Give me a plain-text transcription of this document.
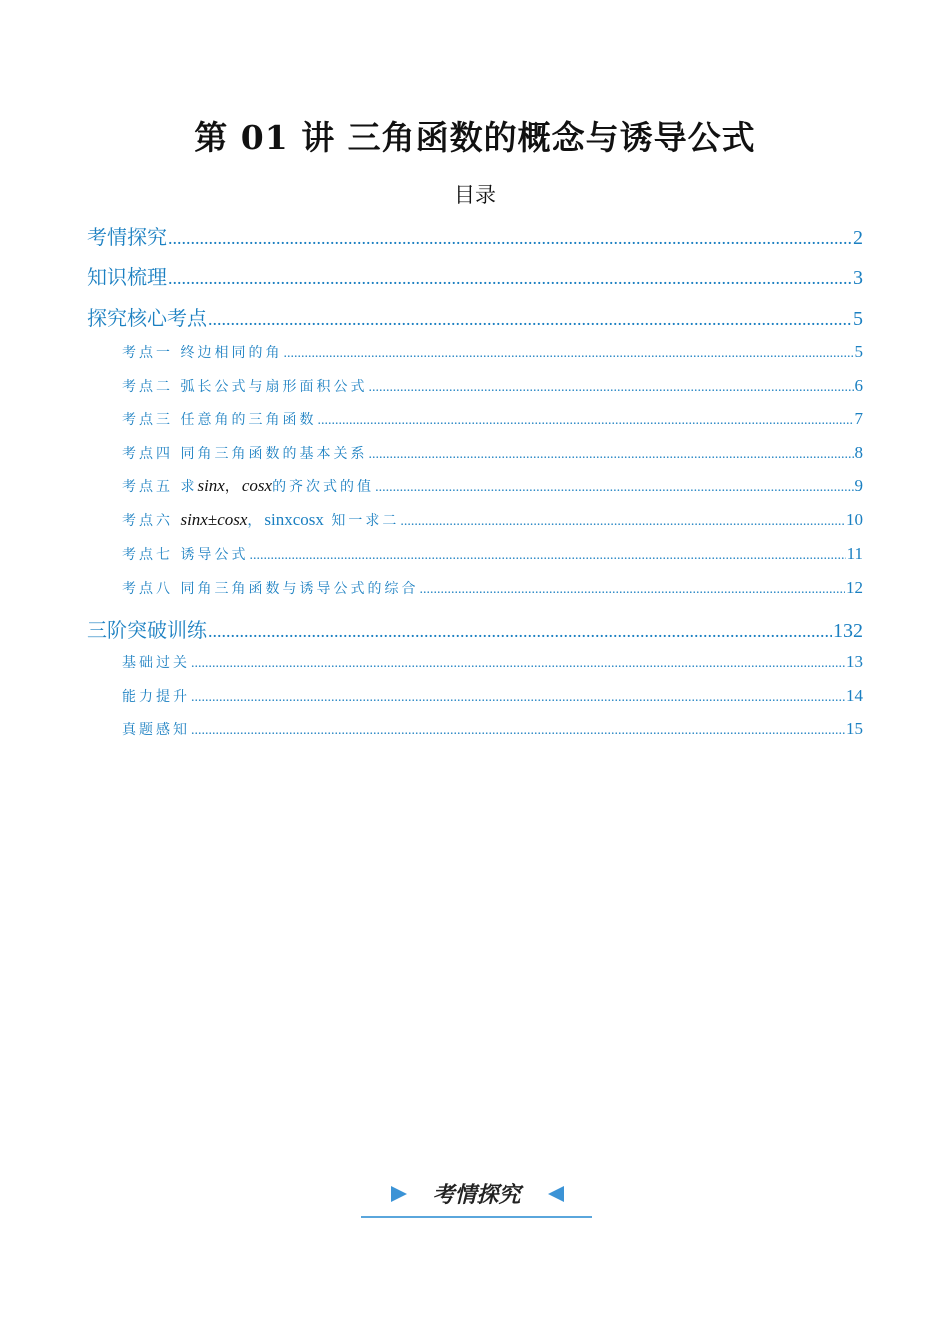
第 01 讲 三角函数的概念与诱导公式
目录
考情探究 .....	2
知识梳理 .....	3
探究核心考点 .....	5
考点一 终边相同的角 .....	5
考点二 弧长公式与扇形面积公式 .....	6
考点三 任意角的三角函数 .....	7
考点四 同角三角函数的基本关系 .....	8
考点五 求sinx，cosx的齐次式的值 .....	9
考点六 sinx±cosx，sinxcosx 知一求二 .....	10
考点七 诱导公式 .....	11
考点八 同角三角函数与诱导公式的综合 .....	12
三阶突破训练 .....	132
基础过关 .....	13
能力提升 .....	14
真题感知 .....	15
考情探究
